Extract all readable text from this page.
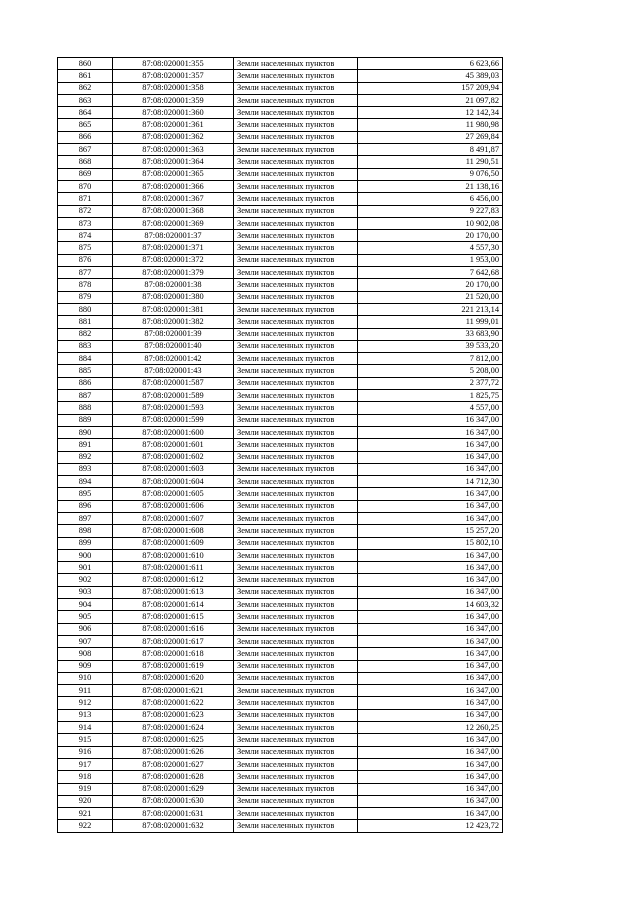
860	87:08:020001:355	Земли населенных пунктов	6 623,66
861	87:08:020001:357	Земли населенных пунктов	45 389,03
862	87:08:020001:358	Земли населенных пунктов	157 209,94
863	87:08:020001:359	Земли населенных пунктов	21 097,82
864	87:08:020001:360	Земли населенных пунктов	12 142,34
865	87:08:020001:361	Земли населенных пунктов	11 980,98
866	87:08:020001:362	Земли населенных пунктов	27 269,84
867	87:08:020001:363	Земли населенных пунктов	8 491,87
868	87:08:020001:364	Земли населенных пунктов	11 290,51
869	87:08:020001:365	Земли населенных пунктов	9 076,50
870	87:08:020001:366	Земли населенных пунктов	21 138,16
871	87:08:020001:367	Земли населенных пунктов	6 456,00
872	87:08:020001:368	Земли населенных пунктов	9 227,83
873	87:08:020001:369	Земли населенных пунктов	10 902,08
874	87:08:020001:37	Земли населенных пунктов	20 170,00
875	87:08:020001:371	Земли населенных пунктов	4 557,30
876	87:08:020001:372	Земли населенных пунктов	1 953,00
877	87:08:020001:379	Земли населенных пунктов	7 642,68
878	87:08:020001:38	Земли населенных пунктов	20 170,00
879	87:08:020001:380	Земли населенных пунктов	21 520,00
880	87:08:020001:381	Земли населенных пунктов	221 213,14
881	87:08:020001:382	Земли населенных пунктов	11 999,01
882	87:08:020001:39	Земли населенных пунктов	33 683,90
883	87:08:020001:40	Земли населенных пунктов	39 533,20
884	87:08:020001:42	Земли населенных пунктов	7 812,00
885	87:08:020001:43	Земли населенных пунктов	5 208,00
886	87:08:020001:587	Земли населенных пунктов	2 377,72
887	87:08:020001:589	Земли населенных пунктов	1 825,75
888	87:08:020001:593	Земли населенных пунктов	4 557,00
889	87:08:020001:599	Земли населенных пунктов	16 347,00
890	87:08:020001:600	Земли населенных пунктов	16 347,00
891	87:08:020001:601	Земли населенных пунктов	16 347,00
892	87:08:020001:602	Земли населенных пунктов	16 347,00
893	87:08:020001:603	Земли населенных пунктов	16 347,00
894	87:08:020001:604	Земли населенных пунктов	14 712,30
895	87:08:020001:605	Земли населенных пунктов	16 347,00
896	87:08:020001:606	Земли населенных пунктов	16 347,00
897	87:08:020001:607	Земли населенных пунктов	16 347,00
898	87:08:020001:608	Земли населенных пунктов	15 257,20
899	87:08:020001:609	Земли населенных пунктов	15 802,10
900	87:08:020001:610	Земли населенных пунктов	16 347,00
901	87:08:020001:611	Земли населенных пунктов	16 347,00
902	87:08:020001:612	Земли населенных пунктов	16 347,00
903	87:08:020001:613	Земли населенных пунктов	16 347,00
904	87:08:020001:614	Земли населенных пунктов	14 603,32
905	87:08:020001:615	Земли населенных пунктов	16 347,00
906	87:08:020001:616	Земли населенных пунктов	16 347,00
907	87:08:020001:617	Земли населенных пунктов	16 347,00
908	87:08:020001:618	Земли населенных пунктов	16 347,00
909	87:08:020001:619	Земли населенных пунктов	16 347,00
910	87:08:020001:620	Земли населенных пунктов	16 347,00
911	87:08:020001:621	Земли населенных пунктов	16 347,00
912	87:08:020001:622	Земли населенных пунктов	16 347,00
913	87:08:020001:623	Земли населенных пунктов	16 347,00
914	87:08:020001:624	Земли населенных пунктов	12 260,25
915	87:08:020001:625	Земли населенных пунктов	16 347,00
916	87:08:020001:626	Земли населенных пунктов	16 347,00
917	87:08:020001:627	Земли населенных пунктов	16 347,00
918	87:08:020001:628	Земли населенных пунктов	16 347,00
919	87:08:020001:629	Земли населенных пунктов	16 347,00
920	87:08:020001:630	Земли населенных пунктов	16 347,00
921	87:08:020001:631	Земли населенных пунктов	16 347,00
922	87:08:020001:632	Земли населенных пунктов	12 423,72
